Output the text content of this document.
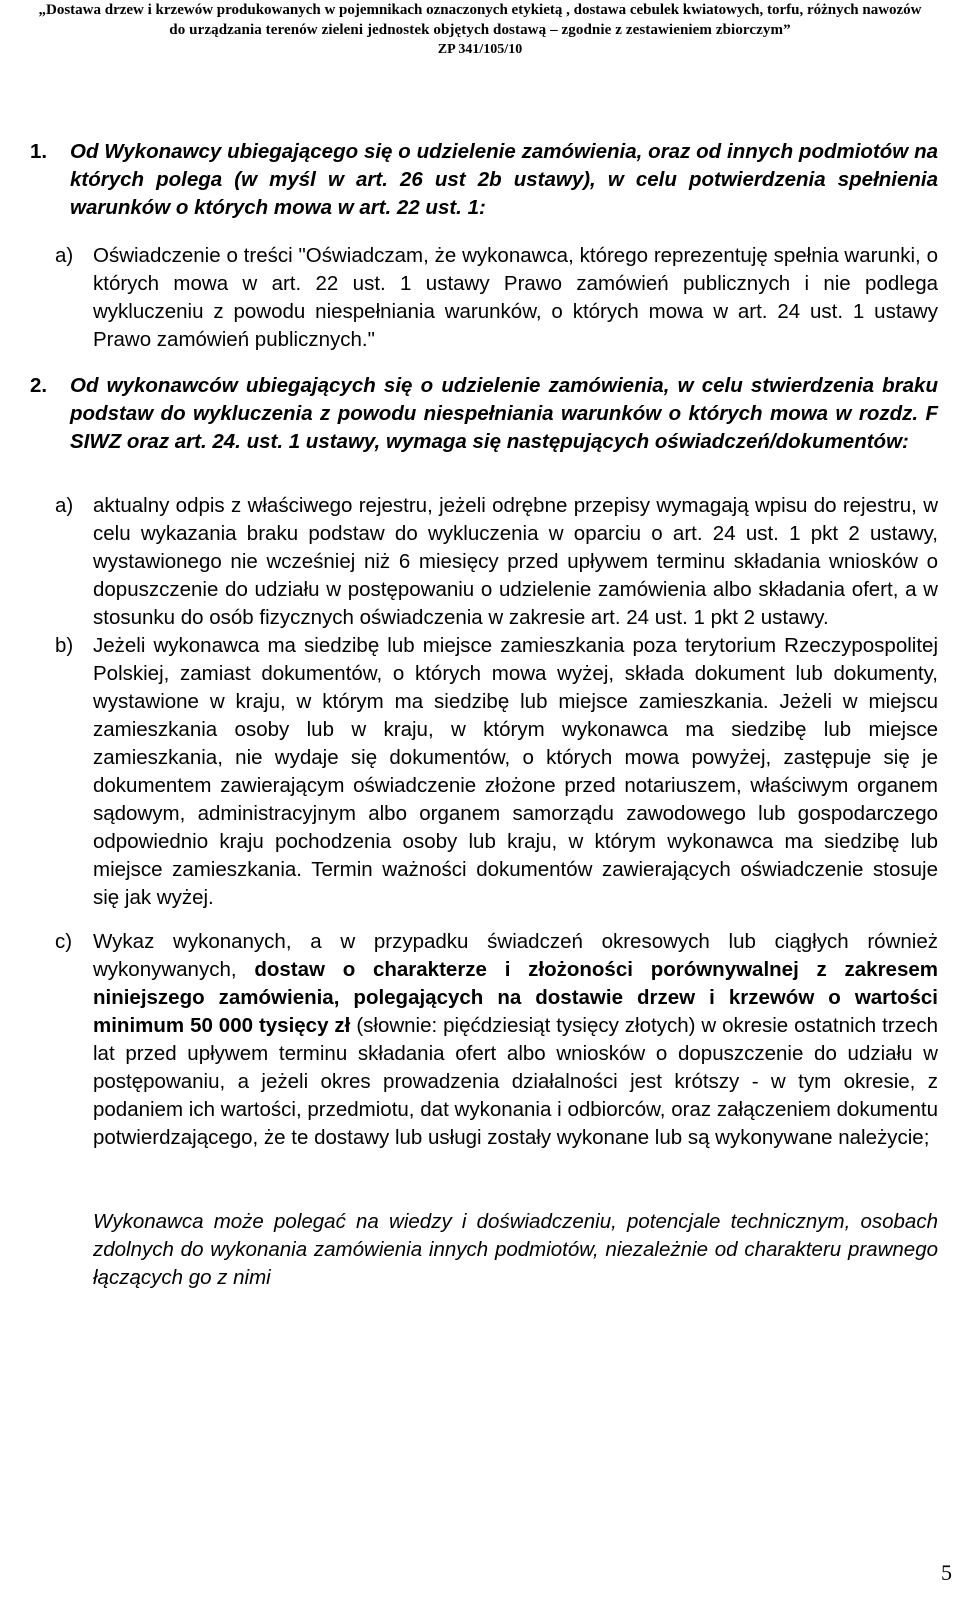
„Dostawa drzew i krzewów produkowanych w pojemnikach oznaczonych etykietą , dostawa cebulek kwiatowych, torfu, różnych nawozów
do urządzania terenów zieleni jednostek objętych dostawą – zgodnie z zestawieniem zbiorczym”
ZP 341/105/10
1.	Od Wykonawcy ubiegającego się o udzielenie zamówienia, oraz od innych podmiotów na których polega (w myśl w art. 26 ust 2b ustawy), w celu potwierdzenia spełnienia warunków o których mowa w art. 22 ust. 1:
a) Oświadczenie o treści "Oświadczam, że wykonawca, którego reprezentuję spełnia warunki, o których mowa w art. 22 ust. 1 ustawy Prawo zamówień publicznych i nie podlega wykluczeniu z powodu niespełniania warunków, o których mowa w art. 24 ust. 1 ustawy Prawo zamówień publicznych."
2.	Od wykonawców ubiegających się o udzielenie zamówienia, w celu stwierdzenia braku podstaw do wykluczenia z powodu niespełniania warunków o których mowa w rozdz. F SIWZ oraz art. 24. ust. 1 ustawy, wymaga się następujących oświadczeń/dokumentów:
a) aktualny odpis z właściwego rejestru, jeżeli odrębne przepisy wymagają wpisu do rejestru, w celu wykazania braku podstaw do wykluczenia w oparciu o art. 24 ust. 1 pkt 2 ustawy, wystawionego nie wcześniej niż 6 miesięcy przed upływem terminu składania wniosków o dopuszczenie do udziału w postępowaniu o udzielenie zamówienia albo składania ofert, a w stosunku do osób fizycznych oświadczenia w zakresie art. 24 ust. 1 pkt 2 ustawy.
b) Jeżeli wykonawca ma siedzibę lub miejsce zamieszkania poza terytorium Rzeczypospolitej Polskiej, zamiast dokumentów, o których mowa wyżej, składa dokument lub dokumenty, wystawione w kraju, w którym ma siedzibę lub miejsce zamieszkania. Jeżeli w miejscu zamieszkania osoby lub w kraju, w którym wykonawca ma siedzibę lub miejsce zamieszkania, nie wydaje się dokumentów, o których mowa powyżej, zastępuje się je dokumentem zawierającym oświadczenie złożone przed notariuszem, właściwym organem sądowym, administracyjnym albo organem samorządu zawodowego lub gospodarczego odpowiednio kraju pochodzenia osoby lub kraju, w którym wykonawca ma siedzibę lub miejsce zamieszkania. Termin ważności dokumentów zawierających oświadczenie stosuje się jak wyżej.
c)	Wykaz wykonanych, a w przypadku świadczeń okresowych lub ciągłych również wykonywanych, dostaw o charakterze i złożoności porównywalnej z zakresem niniejszego zamówienia, polegających na dostawie drzew i krzewów o wartości minimum 50 000 tysięcy zł (słownie: pięćdziesiąt tysięcy złotych) w okresie ostatnich trzech lat przed upływem terminu składania ofert albo wniosków o dopuszczenie do udziału w postępowaniu, a jeżeli okres prowadzenia działalności jest krótszy - w tym okresie, z podaniem ich wartości, przedmiotu, dat wykonania i odbiorców, oraz załączeniem dokumentu potwierdzającego, że te dostawy lub usługi zostały wykonane lub są wykonywane należycie;
Wykonawca może polegać na wiedzy i doświadczeniu, potencjale technicznym, osobach zdolnych do wykonania zamówienia innych podmiotów, niezależnie od charakteru prawnego łączących go z nimi
5
